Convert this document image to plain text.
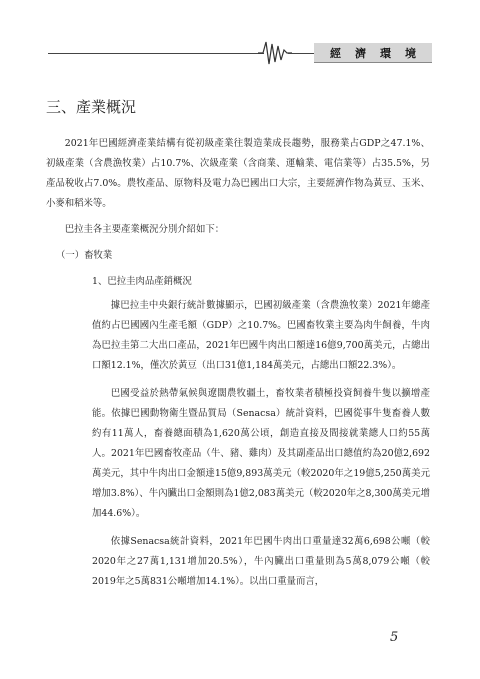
經濟環境
三、產業概況

2021年巴國經濟產業結構有從初級產業往製造業成長趨勢，服務業占GDP之47.1%、初級產業（含農漁牧業）占10.7%、次級產業（含商業、運輸業、電信業等）占35.5%，另產品稅收占7.0%。農牧產品、原物料及電力為巴國出口大宗，主要經濟作物為黃豆、玉米、小麥和稻米等。

巴拉圭各主要產業概況分別介紹如下：

（一）畜牧業
1、巴拉圭肉品產銷概況

據巴拉圭中央銀行統計數據顯示，巴國初級產業（含農漁牧業）2021年總產值約占巴國國內生產毛額（GDP）之10.7%。巴國畜牧業主要為肉牛飼養，牛肉為巴拉圭第二大出口產品，2021年巴國牛肉出口額達16億9,700萬美元，占總出口額12.1%，僅次於黃豆（出口31億1,184萬美元，占總出口額22.3%）。

巴國受益於熱帶氣候與遼闊農牧疆土，畜牧業者積極投資飼養牛隻以擴增產能。依據巴國動物衛生暨品質局（Senacsa）統計資料，巴國從事牛隻畜養人數約有11萬人，畜養總面積為1,620萬公頃，創造直接及間接就業總人口約55萬人。2021年巴國畜牧產品（牛、豬、雞肉）及其副產品出口總值約為20億2,692萬美元，其中牛肉出口金額達15億9,893萬美元（較2020年之19億5,250萬美元增加3.8%）、牛內臟出口金額則為1億2,083萬美元（較2020年之8,300萬美元增加44.6%）。

依據Senacsa統計資料，2021年巴國牛肉出口重量達32萬6,698公噸（較2020年之27萬1,131增加20.5%），牛內臟出口重量則為5萬8,079公噸（較2019年之5萬831公噸增加14.1%）。以出口重量而言，

5
